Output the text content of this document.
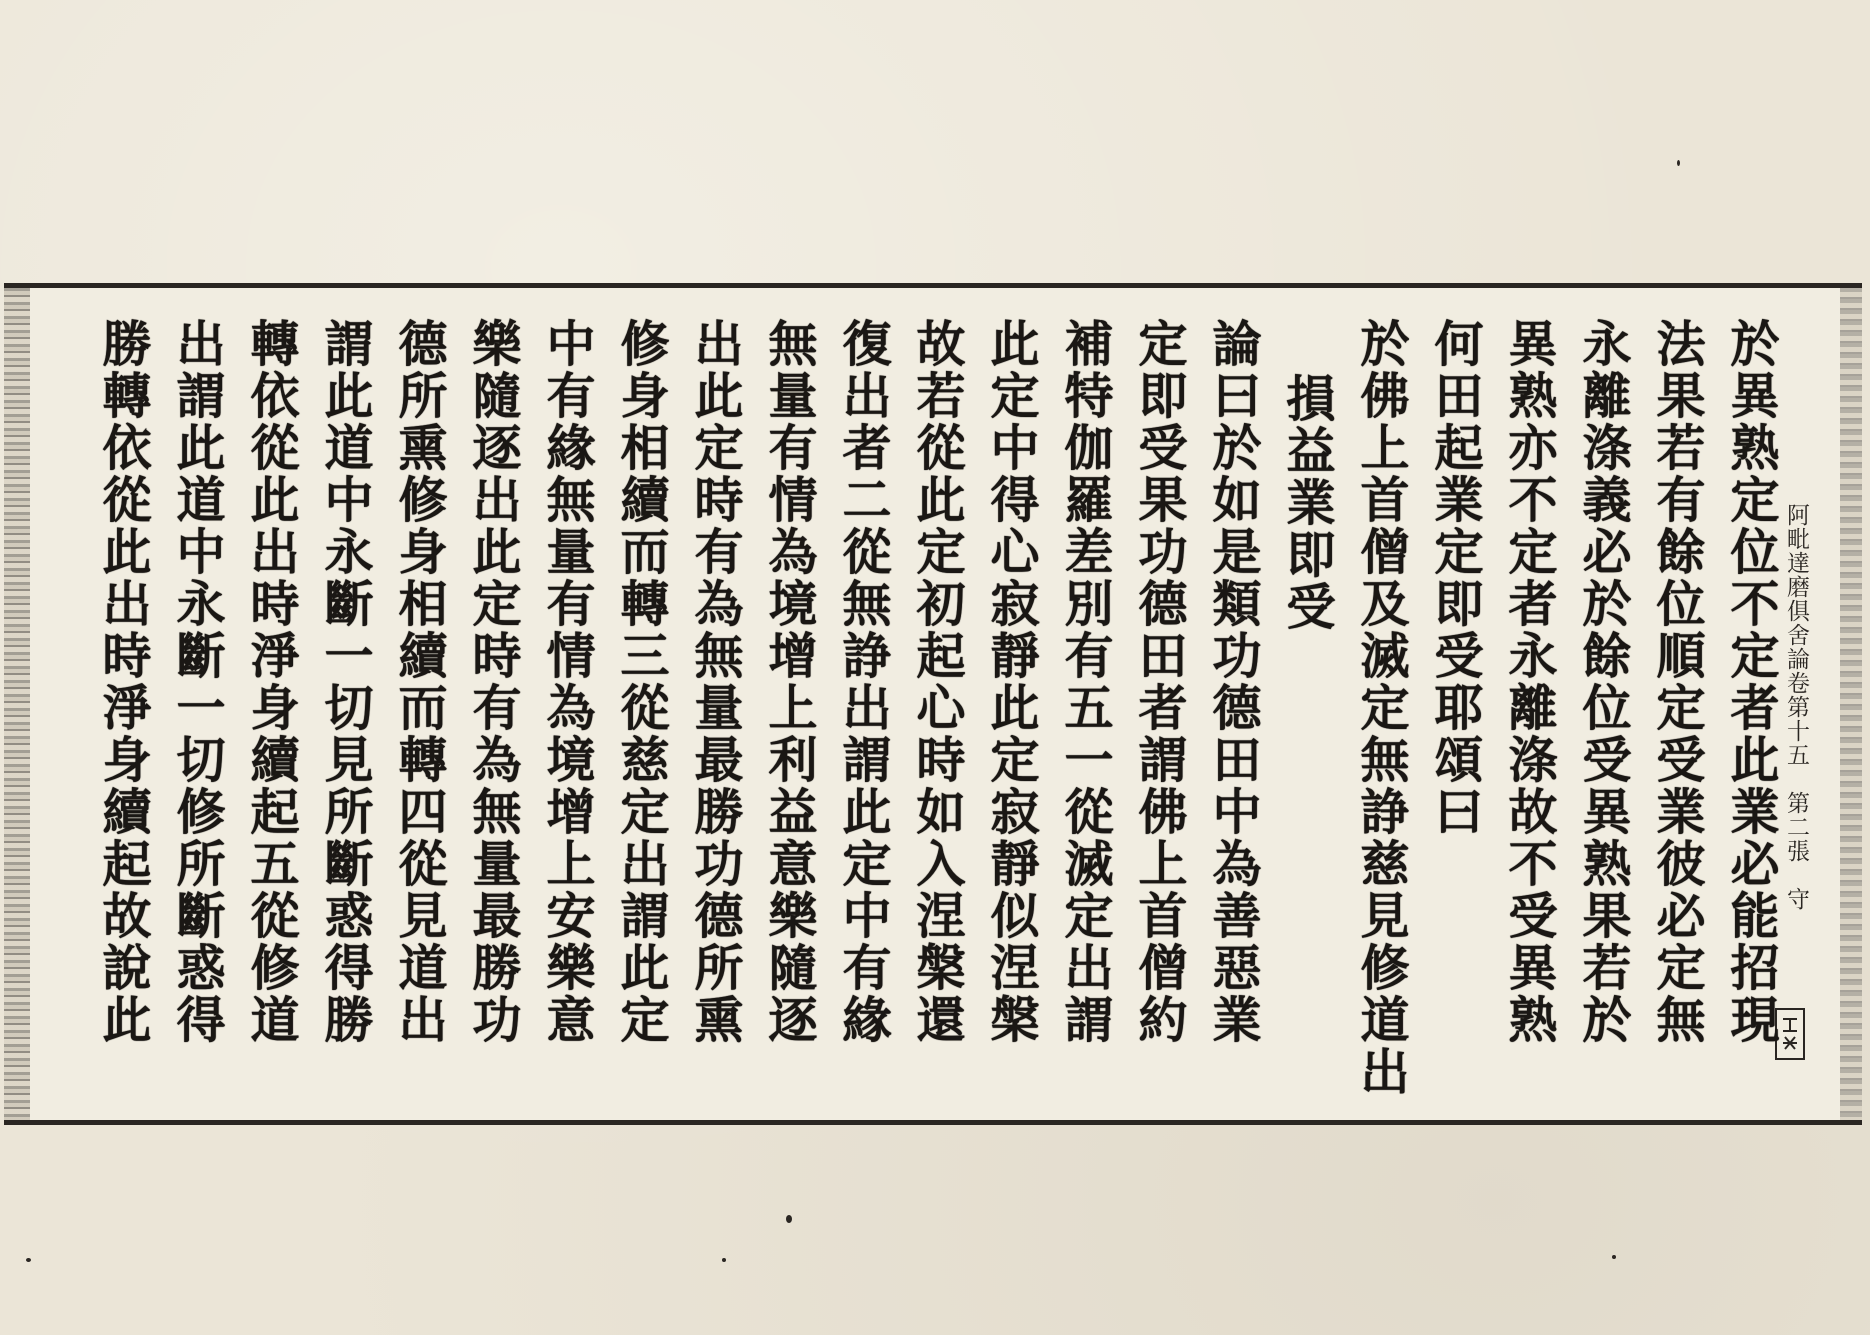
阿毗達磨俱舍論卷第十五　第二張　守
於異熟定位不定者此業必能招現
法果若有餘位順定受業彼必定無
永離涤義必於餘位受異熟果若於
異熟亦不定者永離涤故不受異熟
何田起業定即受耶頌曰
於佛上首僧及滅定無諍慈見修道出
損益業即受
論曰於如是類功德田中為善惡業
定即受果功德田者謂佛上首僧約
補特伽羅差別有五一從滅定出謂
此定中得心寂靜此定寂靜似涅槃
故若從此定初起心時如入涅槃還
復出者二從無諍出謂此定中有緣
無量有情為境增上利益意樂隨逐
出此定時有為無量最勝功德所熏
修身相續而轉三從慈定出謂此定
中有緣無量有情為境增上安樂意
樂隨逐出此定時有為無量最勝功
德所熏修身相續而轉四從見道出
謂此道中永斷一切見所斷惑得勝
轉依從此出時淨身續起五從修道
出謂此道中永斷一切修所斷惑得
勝轉依從此出時淨身續起故說此
